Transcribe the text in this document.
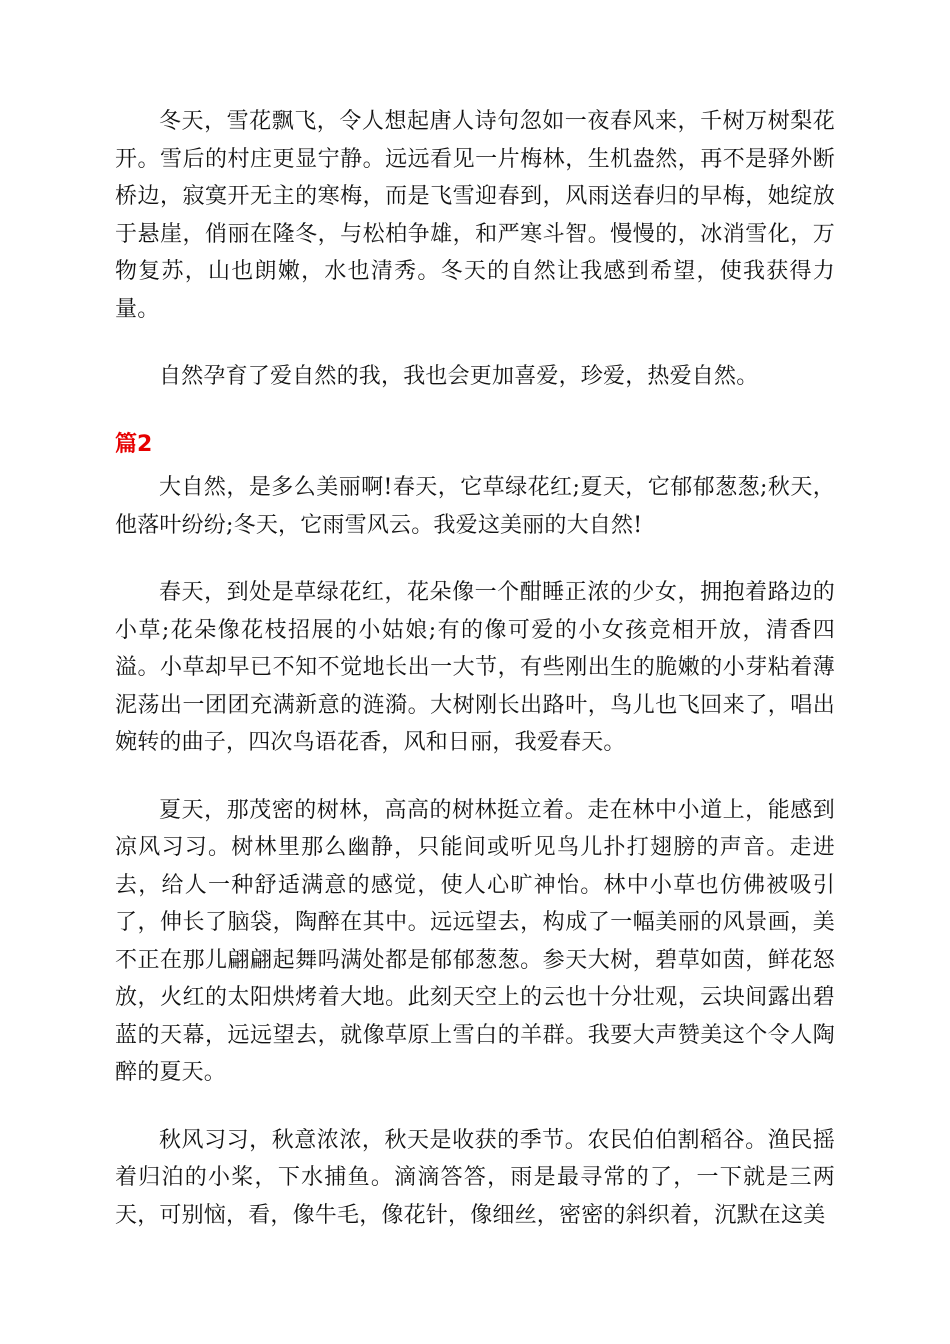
冬天，雪花飘飞，令人想起唐人诗句忽如一夜春风来，千树万树梨花开。雪后的村庄更显宁静。远远看见一片梅林，生机盎然，再不是驿外断桥边，寂寞开无主的寒梅，而是飞雪迎春到，风雨送春归的早梅，她绽放于悬崖，俏丽在隆冬，与松柏争雄，和严寒斗智。慢慢的，冰消雪化，万物复苏，山也朗嫩，水也清秀。冬天的自然让我感到希望，使我获得力量。

自然孕育了爱自然的我，我也会更加喜爱，珍爱，热爱自然。

篇2

大自然，是多么美丽啊!春天，它草绿花红;夏天，它郁郁葱葱;秋天，他落叶纷纷;冬天，它雨雪风云。我爱这美丽的大自然!

春天，到处是草绿花红，花朵像一个酣睡正浓的少女，拥抱着路边的小草;花朵像花枝招展的小姑娘;有的像可爱的小女孩竞相开放，清香四溢。小草却早已不知不觉地长出一大节，有些刚出生的脆嫩的小芽粘着薄泥荡出一团团充满新意的涟漪。大树刚长出路叶，鸟儿也飞回来了，唱出婉转的曲子，四次鸟语花香，风和日丽，我爱春天。

夏天，那茂密的树林，高高的树林挺立着。走在林中小道上，能感到凉风习习。树林里那么幽静，只能间或听见鸟儿扑打翅膀的声音。走进去，给人一种舒适满意的感觉，使人心旷神怡。林中小草也仿佛被吸引了，伸长了脑袋，陶醉在其中。远远望去，构成了一幅美丽的风景画，美不正在那儿翩翩起舞吗满处都是郁郁葱葱。参天大树，碧草如茵，鲜花怒放，火红的太阳烘烤着大地。此刻天空上的云也十分壮观，云块间露出碧蓝的天幕，远远望去，就像草原上雪白的羊群。我要大声赞美这个令人陶醉的夏天。

秋风习习，秋意浓浓，秋天是收获的季节。农民伯伯割稻谷。渔民摇着归泊的小桨，下水捕鱼。滴滴答答，雨是最寻常的了，一下就是三两天，可别恼，看，像牛毛，像花针，像细丝，密密的斜织着，沉默在这美
